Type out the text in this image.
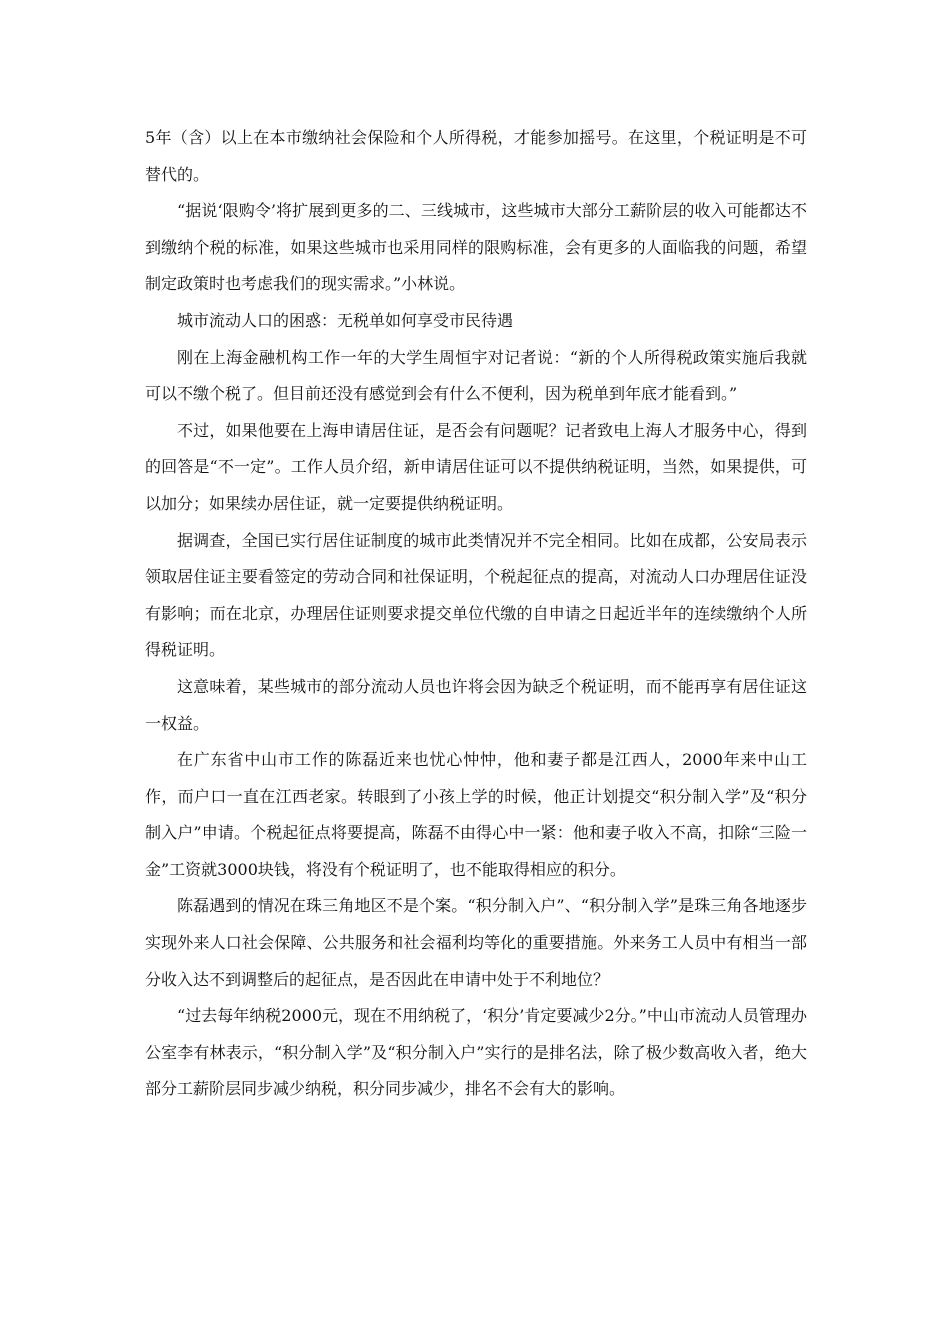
5年（含）以上在本市缴纳社会保险和个人所得税，才能参加摇号。在这里，个税证明是不可替代的。

“据说‘限购令’将扩展到更多的二、三线城市，这些城市大部分工薪阶层的收入可能都达不到缴纳个税的标准，如果这些城市也采用同样的限购标准，会有更多的人面临我的问题，希望制定政策时也考虑我们的现实需求。”小林说。

城市流动人口的困惑：无税单如何享受市民待遇

刚在上海金融机构工作一年的大学生周恒宇对记者说：“新的个人所得税政策实施后我就可以不缴个税了。但目前还没有感觉到会有什么不便利，因为税单到年底才能看到。”

不过，如果他要在上海申请居住证，是否会有问题呢？记者致电上海人才服务中心，得到的回答是“不一定”。工作人员介绍，新申请居住证可以不提供纳税证明，当然，如果提供，可以加分；如果续办居住证，就一定要提供纳税证明。

据调查，全国已实行居住证制度的城市此类情况并不完全相同。比如在成都，公安局表示领取居住证主要看签定的劳动合同和社保证明，个税起征点的提高，对流动人口办理居住证没有影响；而在北京，办理居住证则要求提交单位代缴的自申请之日起近半年的连续缴纳个人所得税证明。

这意味着，某些城市的部分流动人员也许将会因为缺乏个税证明，而不能再享有居住证这一权益。

在广东省中山市工作的陈磊近来也忧心忡忡，他和妻子都是江西人，2000年来中山工作，而户口一直在江西老家。转眼到了小孩上学的时候，他正计划提交“积分制入学”及“积分制入户”申请。个税起征点将要提高，陈磊不由得心中一紧：他和妻子收入不高，扣除“三险一金”工资就3000块钱，将没有个税证明了，也不能取得相应的积分。

陈磊遇到的情况在珠三角地区不是个案。“积分制入户”、“积分制入学”是珠三角各地逐步实现外来人口社会保障、公共服务和社会福利均等化的重要措施。外来务工人员中有相当一部分收入达不到调整后的起征点，是否因此在申请中处于不利地位？

“过去每年纳税2000元，现在不用纳税了，‘积分’肯定要减少2分。”中山市流动人员管理办公室李有林表示，“积分制入学”及“积分制入户”实行的是排名法，除了极少数高收入者，绝大部分工薪阶层同步减少纳税，积分同步减少，排名不会有大的影响。
